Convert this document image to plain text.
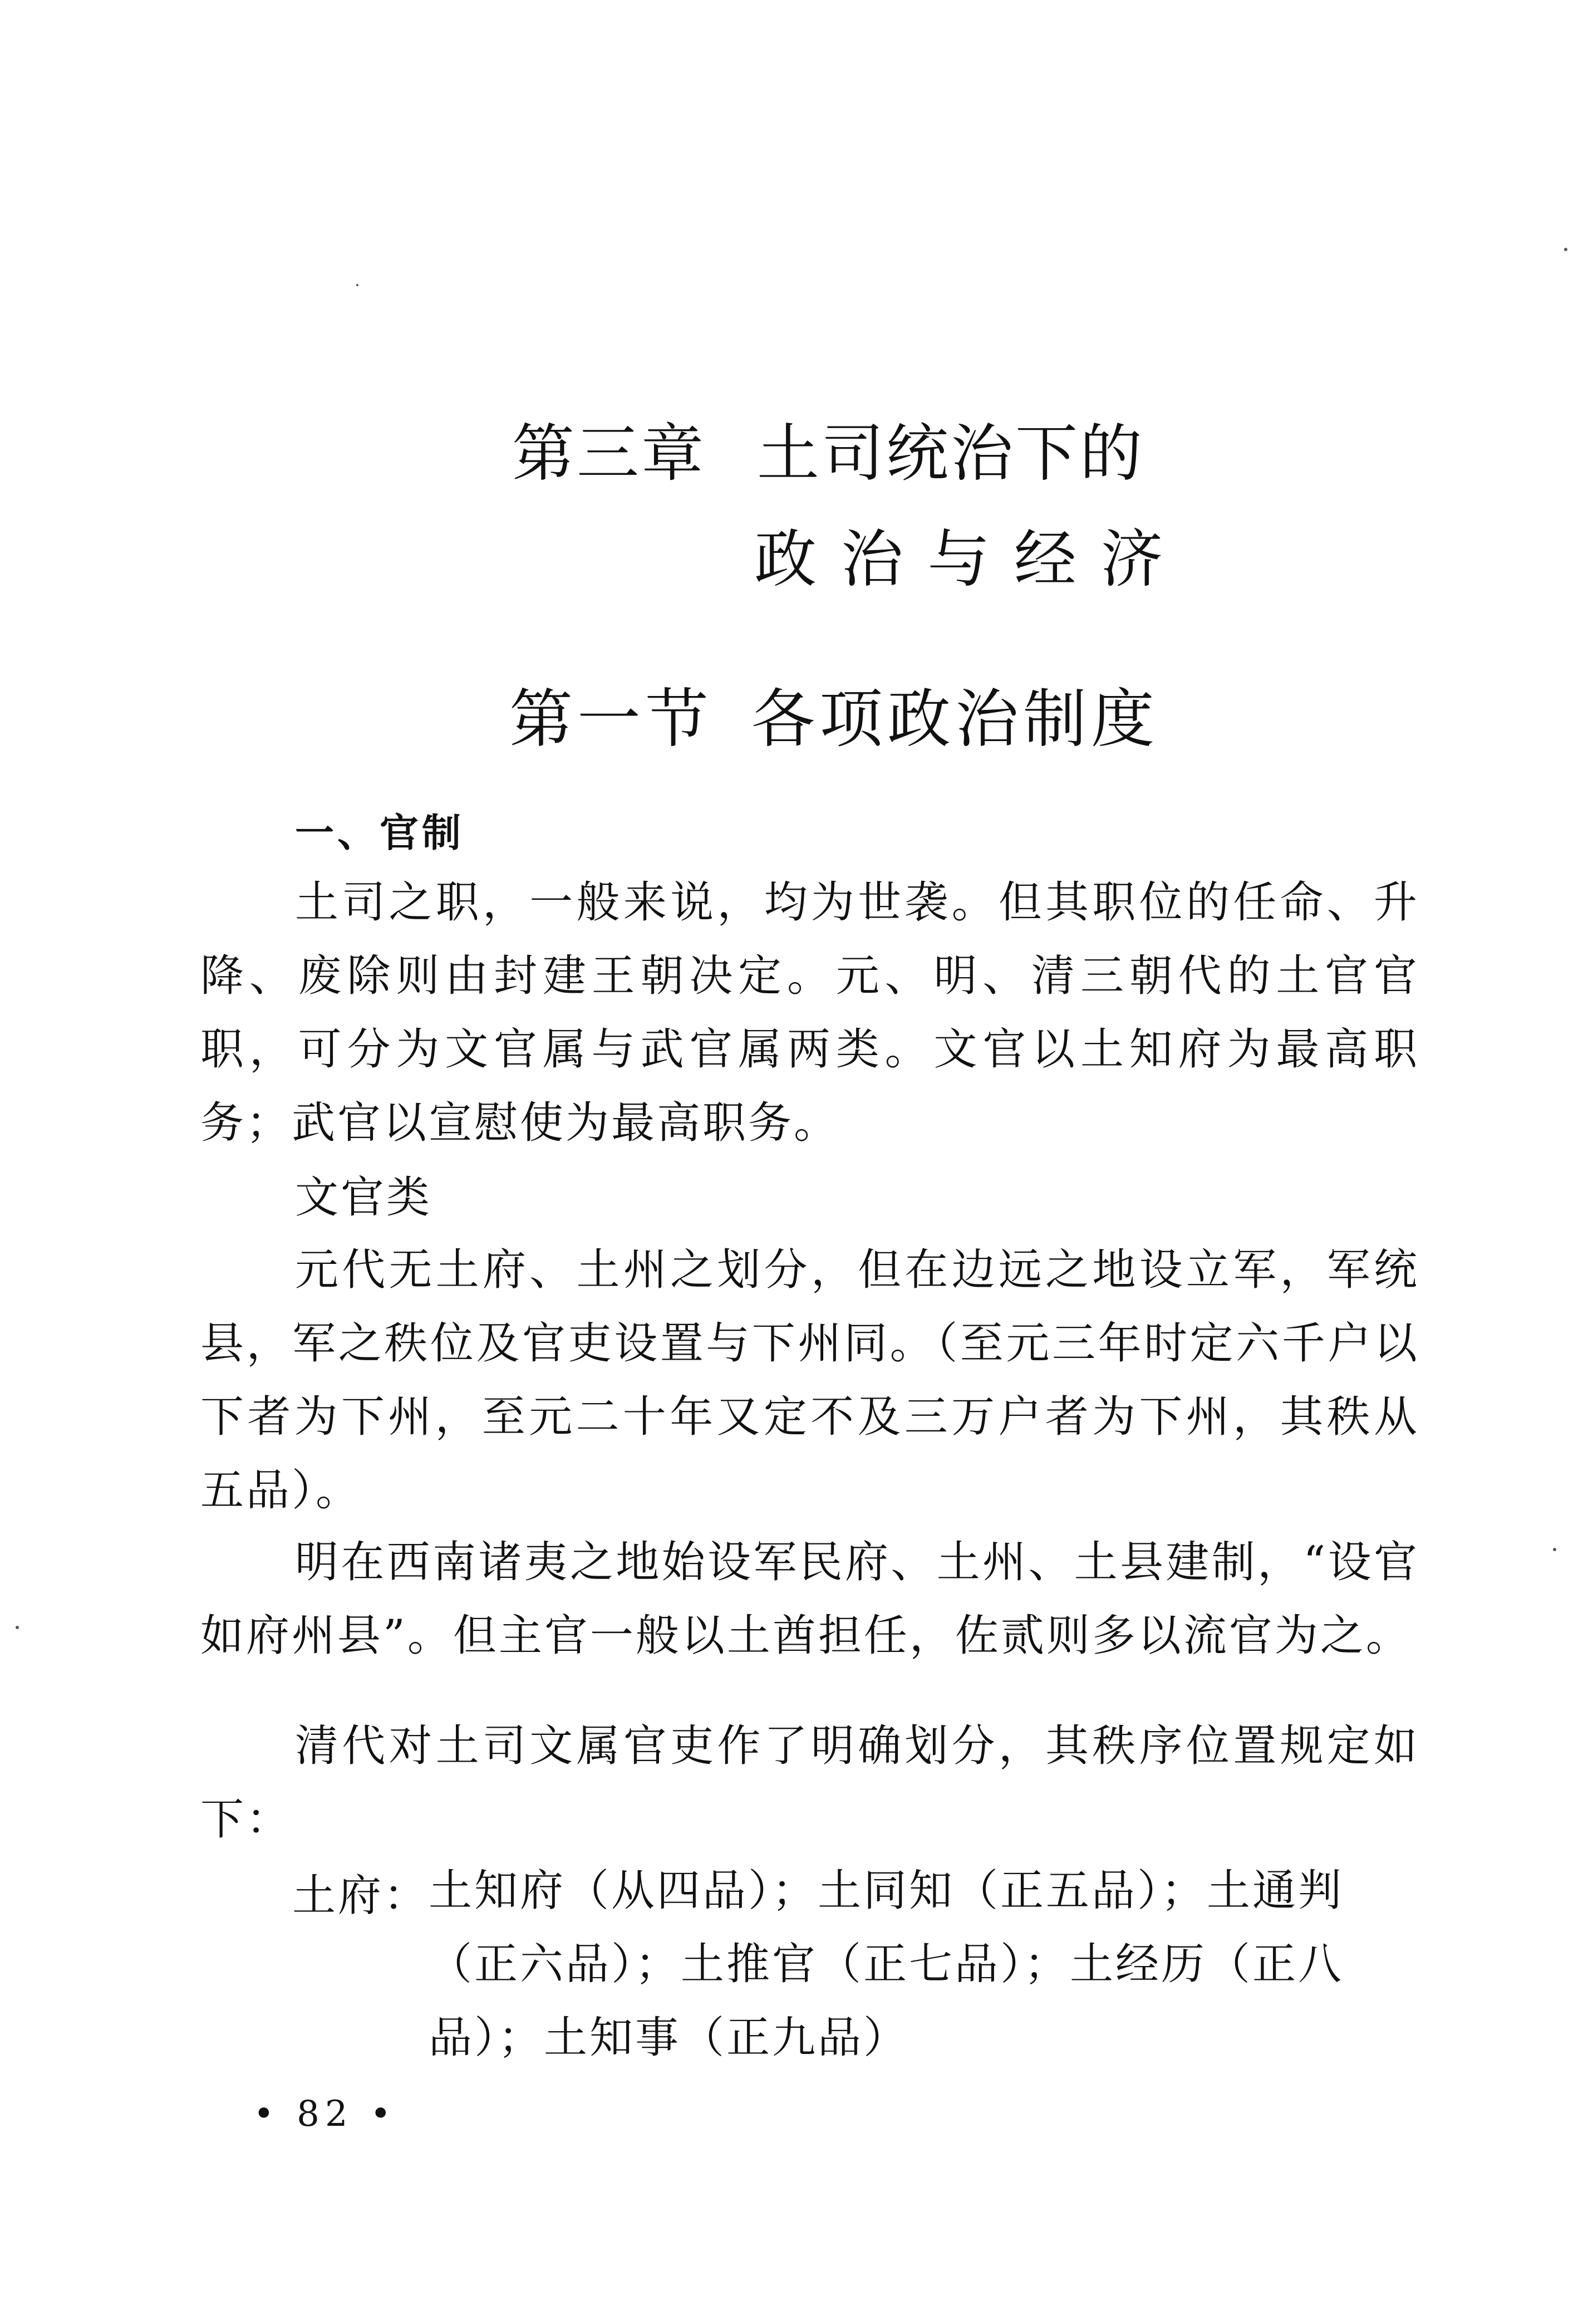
第三章 土司统治下的
政 治 与 经 济
第一节 各项政治制度
一、官制

土司之职，一般来说，均为世袭。但其职位的任命、升降、废除则由封建王朝决定。元、明、清三朝代的土官官职，可分为文官属与武官属两类。文官以土知府为最高职务；武官以宣慰使为最高职务。

文官类

元代无土府、土州之划分，但在边远之地设立军，军统县，军之秩位及官吏设置与下州同。（至元三年时定六千户以下者为下州，至元二十年又定不及三万户者为下州，其秩从五品）。

明在西南诸夷之地始设军民府、土州、土县建制，“设官如府州县”。但主官一般以土酋担任，佐贰则多以流官为之。

清代对土司文属官吏作了明确划分，其秩序位置规定如下：

土府：

土知府（从四品）；土同知（正五品）；土通判（正六品）；土推官（正七品）；土经历（正八品）；土知事（正九品）

• 82 •
